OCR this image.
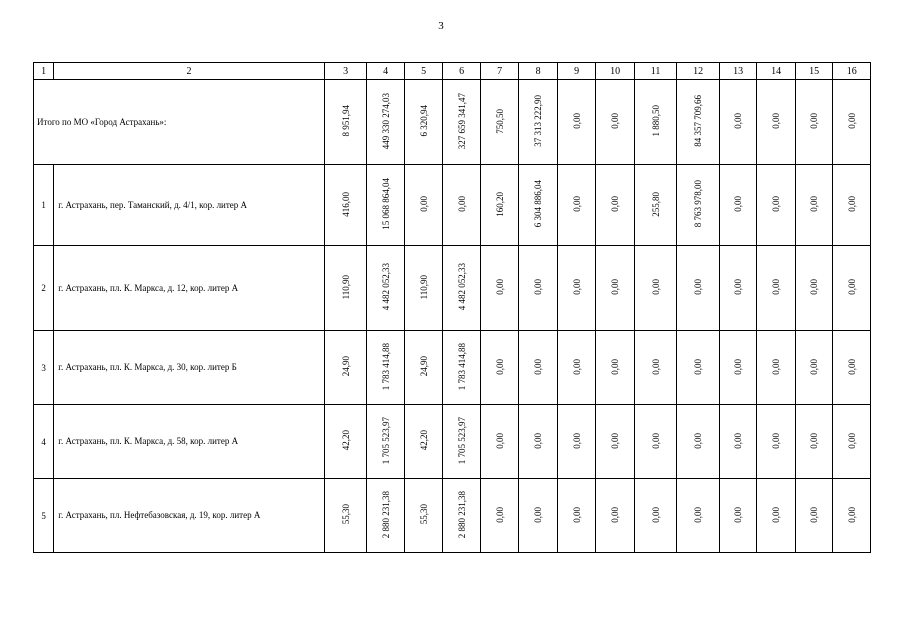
3
1	2	3	4	5	6	7	8	9	10	11	12	13	14	15	16
Итого по МО «Город Астрахань»:		8 951,94	449 330 274,03	6 320,94	327 659 341,47	750,50	37 313 222,90	0,00	0,00	1 880,50	84 357 709,66	0,00	0,00	0,00	0,00
1	г. Астрахань, пер. Таманский, д. 4/1, кор. литер А	416,00	15 068 864,04	0,00	0,00	160,20	6 304 886,04	0,00	0,00	255,80	8 763 978,00	0,00	0,00	0,00	0,00
2	г. Астрахань, пл. К. Маркса, д. 12, кор. литер А	110,90	4 482 052,33	110,90	4 482 052,33	0,00	0,00	0,00	0,00	0,00	0,00	0,00	0,00	0,00	0,00
3	г. Астрахань, пл. К. Маркса, д. 30, кор. литер Б	24,90	1 783 414,88	24,90	1 783 414,88	0,00	0,00	0,00	0,00	0,00	0,00	0,00	0,00	0,00	0,00
4	г. Астрахань, пл. К. Маркса, д. 58, кор. литер А	42,20	1 705 523,97	42,20	1 705 523,97	0,00	0,00	0,00	0,00	0,00	0,00	0,00	0,00	0,00	0,00
5	г. Астрахань, пл. Нефтебазовская, д. 19, кор. литер А	55,30	2 880 231,38	55,30	2 880 231,38	0,00	0,00	0,00	0,00	0,00	0,00	0,00	0,00	0,00	0,00
